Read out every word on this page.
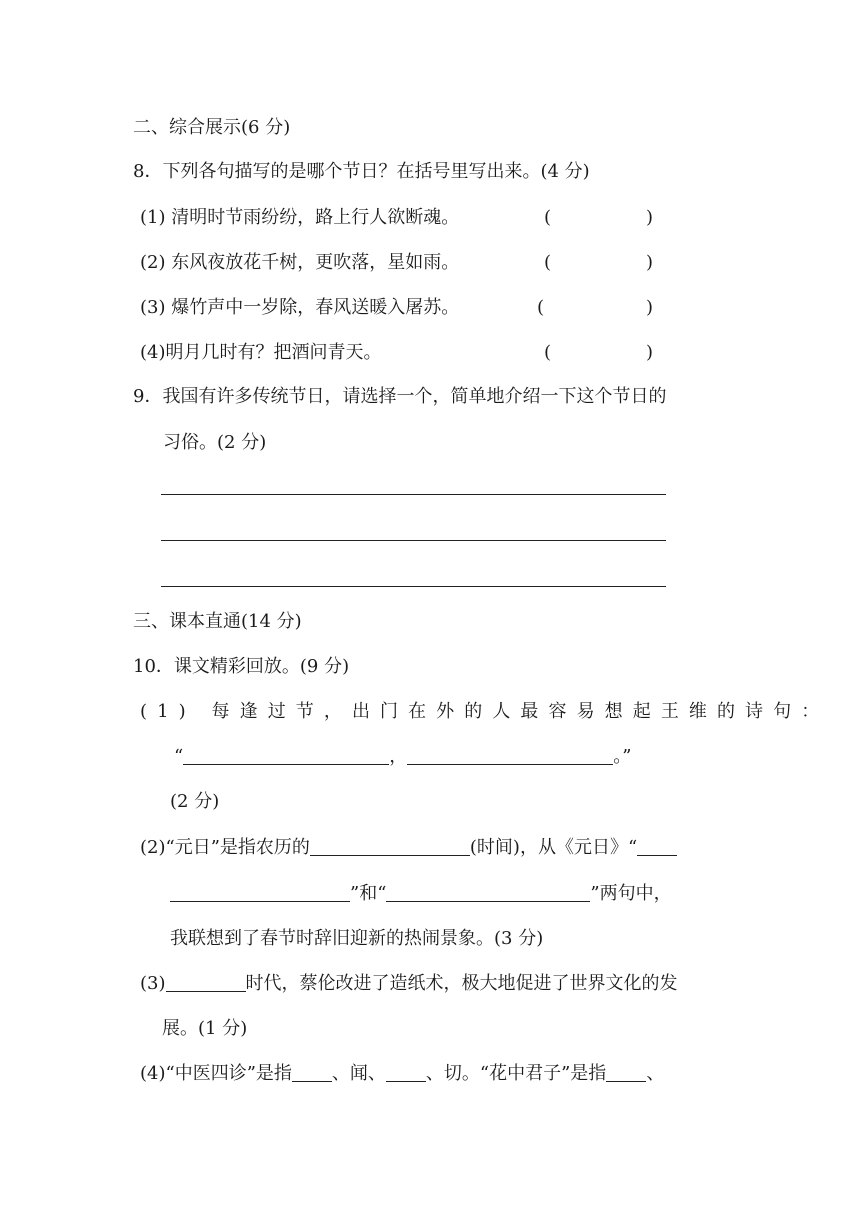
二、综合展示(6 分)
8．下列各句描写的是哪个节日？在括号里写出来。(4 分)
(1) 清明时节雨纷纷，路上行人欲断魂。	(	)
(2) 东风夜放花千树，更吹落，星如雨。	(	)
(3) 爆竹声中一岁除，春风送暖入屠苏。	(	)
(4)明月几时有？把酒问青天。	(	)
9．我国有许多传统节日，请选择一个，简单地介绍一下这个节日的
习俗。(2 分)
三、课本直通(14 分)
10．课文精彩回放。(9 分)
(1) 每逢过节，出门在外的人最容易想起王维的诗句：
“	，	。”
(2 分)
(2)“元日”是指农历的	(时间)，从《元日》“
”和“	”两句中，
我联想到了春节时辞旧迎新的热闹景象。(3 分)
(3)	时代，蔡伦改进了造纸术，极大地促进了世界文化的发
展。(1 分)
(4)“中医四诊”是指 、闻、 、切。“花中君子”是指 、
